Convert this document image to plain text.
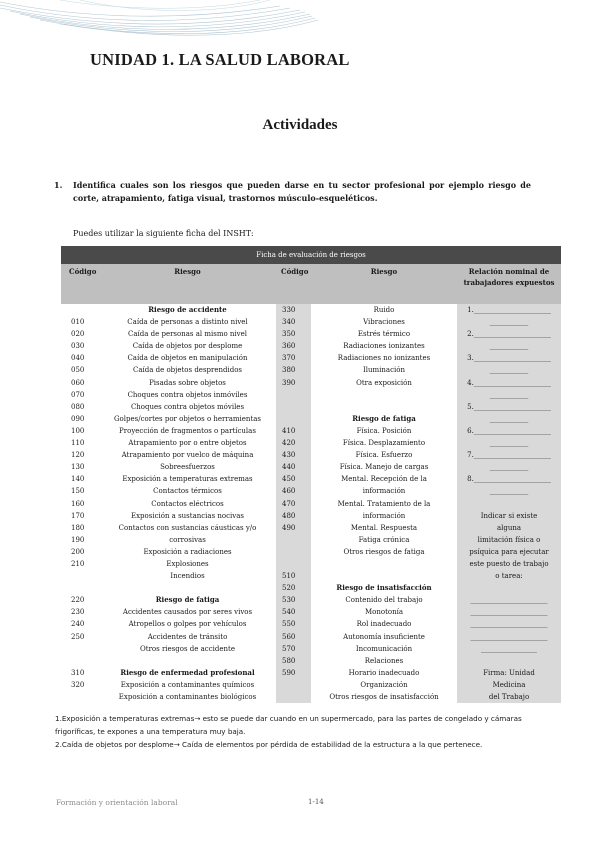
UNIDAD 1. LA SALUD LABORAL
Actividades
1. Identifica cuales son los riesgos que pueden darse en tu sector profesional por ejemplo riesgo de corte, atrapamiento, fatiga visual, trastornos músculo-esqueléticos.
Puedes utilizar la siguiente ficha del INSHT:
Ficha de evaluación de riesgos				
Código	Riesgo	Código	Riesgo	Relación nominal de trabajadores expuestos
	Riesgo de accidente	330	Ruido	1.______________________
010	Caída de personas a distinto nivel	340	Vibraciones	___________
020	Caída de personas al mismo nivel	350	Estrés térmico	2.______________________
030	Caída de objetos por desplome	360	Radiaciones ionizantes	___________
040	Caída de objetos en manipulación	370	Radiaciones no ionizantes	3.______________________
050	Caída de objetos desprendidos	380	Iluminación	___________
060	Pisadas sobre objetos	390	Otra exposición	4.______________________
070	Choques contra objetos inmóviles			___________
080	Choques contra objetos móviles			5.______________________
090	Golpes/cortes por objetos o herramientas		Riesgo de fatiga	___________
100	Proyección de fragmentos o partículas	410	Física. Posición	6.______________________
110	Atrapamiento por o entre objetos	420	Física. Desplazamiento	___________
120	Atrapamiento por vuelco de máquina	430	Física. Esfuerzo	7.______________________
130	Sobreesfuerzos	440	Física. Manejo de cargas	___________
140	Exposición a temperaturas extremas	450	Mental. Recepción de la	8.______________________
150	Contactos térmicos	460	información	___________
160	Contactos eléctricos	470	Mental. Tratamiento de la	
170	Exposición a sustancias nocivas	480	información	Indicar si existe
180	Contactos con sustancias cáusticas y/o	490	Mental. Respuesta	alguna
190	corrosivas		Fatiga crónica	limitación física o
200	Exposición a radiaciones		Otros riesgos de fatiga	psíquica para ejecutar
210	Explosiones			este puesto de trabajo
	Incendios	510		o tarea:
		520	Riesgo de insatisfacción	
220	Riesgo de fatiga	530	Contenido del trabajo	______________________
230	Accidentes causados por seres vivos	540	Monotonía	______________________
240	Atropellos o golpes por vehículos	550	Rol inadecuado	______________________
250	Accidentes de tránsito	560	Autonomía insuficiente	______________________
	Otros riesgos de accidente	570	Incomunicación	________________
		580	Relaciones	
310	Riesgo de enfermedad profesional	590	Horario inadecuado	Firma: Unidad
320	Exposición a contaminantes químicos		Organización	Medicina
	Exposición a contaminantes biológicos		Otros riesgos de insatisfacción	del Trabajo
1.Exposición a temperaturas extremas→ esto se puede dar cuando en un supermercado, para las partes de congelado y cámaras frigoríficas, te expones a una temperatura muy baja.
2.Caída de objetos por desplome→ Caída de elementos por pérdida de estabilidad de la estructura a la que pertenece.
Formación y orientación laboral	1-14
